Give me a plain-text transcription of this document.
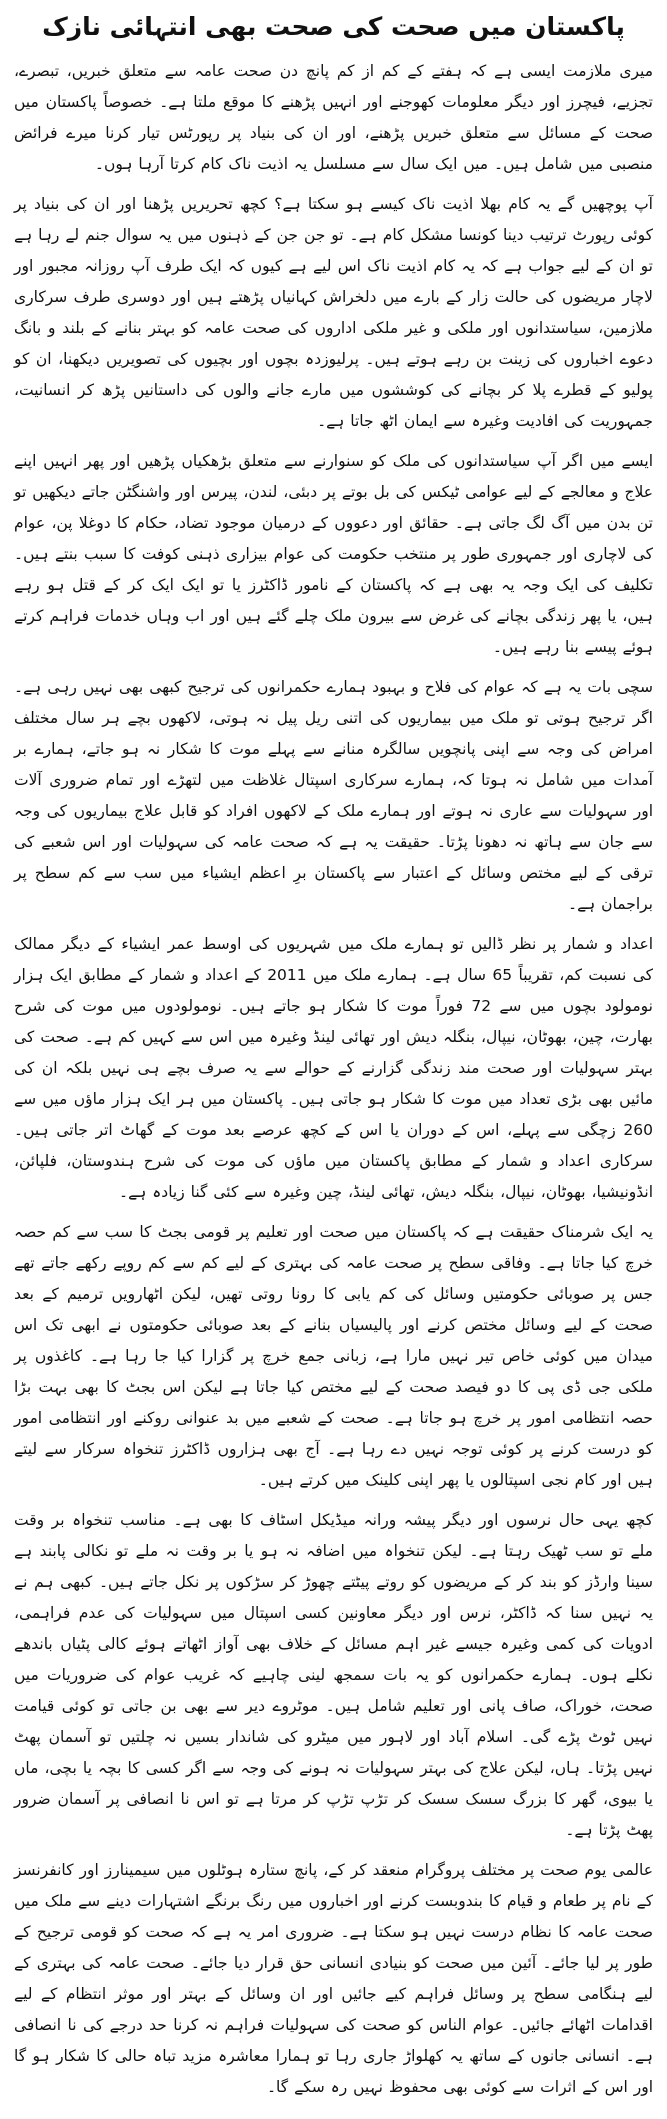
پاکستان میں صحت کی صحت بھی انتہائی نازک

میری ملازمت ایسی ہے کہ ہفتے کے کم از کم پانچ دن صحت عامہ سے متعلق خبریں، تبصرے، تجزیے، فیچرز اور دیگر معلومات کھوجنے اور انہیں پڑھنے کا موقع ملتا ہے۔ خصوصاً پاکستان میں صحت کے مسائل سے متعلق خبریں پڑھنے، اور ان کی بنیاد پر رپورٹس تیار کرنا میرے فرائض منصبی میں شامل ہیں۔ میں ایک سال سے مسلسل یہ اذیت ناک کام کرتا آرہا ہوں۔

آپ پوچھیں گے یہ کام بھلا اذیت ناک کیسے ہو سکتا ہے؟ کچھ تحریریں پڑھنا اور ان کی بنیاد پر کوئی رپورٹ ترتیب دینا کونسا مشکل کام ہے۔ تو جن جن کے ذہنوں میں یہ سوال جنم لے رہا ہے تو ان کے لیے جواب ہے کہ یہ کام اذیت ناک اس لیے ہے کیوں کہ ایک طرف آپ روزانہ مجبور اور لاچار مریضوں کی حالت زار کے بارے میں دلخراش کہانیاں پڑھتے ہیں اور دوسری طرف سرکاری ملازمین، سیاستدانوں اور ملکی و غیر ملکی اداروں کی صحت عامہ کو بہتر بنانے کے بلند و بانگ دعوے اخباروں کی زینت بن رہے ہوتے ہیں۔ پرلیوزدہ بچوں اور بچیوں کی تصویریں دیکھنا، ان کو پولیو کے قطرے پلا کر بچانے کی کوششوں میں مارے جانے والوں کی داستانیں پڑھ کر انسانیت، جمہوریت کی افادیت وغیرہ سے ایمان اٹھ جاتا ہے۔

ایسے میں اگر آپ سیاستدانوں کی ملک کو سنوارنے سے متعلق بڑھکیاں پڑھیں اور پھر انہیں اپنے علاج و معالجے کے لیے عوامی ٹیکس کی بل بوتے پر دبئی، لندن، پیرس اور واشنگٹن جاتے دیکھیں تو تن بدن میں آگ لگ جاتی ہے۔ حقائق اور دعووں کے درمیان موجود تضاد، حکام کا دوغلا پن، عوام کی لاچاری اور جمہوری طور پر منتخب حکومت کی عوام بیزاری ذہنی کوفت کا سبب بنتے ہیں۔ تکلیف کی ایک وجہ یہ بھی ہے کہ پاکستان کے نامور ڈاکٹرز یا تو ایک ایک کر کے قتل ہو رہے ہیں، یا پھر زندگی بچانے کی غرض سے بیرون ملک چلے گئے ہیں اور اب وہاں خدمات فراہم کرتے ہوئے پیسے بنا رہے ہیں۔

سچی بات یہ ہے کہ عوام کی فلاح و بہبود ہمارے حکمرانوں کی ترجیح کبھی بھی نہیں رہی ہے۔ اگر ترجیح ہوتی تو ملک میں بیماریوں کی اتنی ریل پیل نہ ہوتی، لاکھوں بچے ہر سال مختلف امراض کی وجہ سے اپنی پانچویں سالگرہ منانے سے پہلے موت کا شکار نہ ہو جاتے، ہمارے بر آمدات میں شامل نہ ہوتا کہ، ہمارے سرکاری اسپتال غلاظت میں لتھڑے اور تمام ضروری آلات اور سہولیات سے عاری نہ ہوتے اور ہمارے ملک کے لاکھوں افراد کو قابل علاج بیماریوں کی وجہ سے جان سے ہاتھ نہ دھونا پڑتا۔ حقیقت یہ ہے کہ صحت عامہ کی سہولیات اور اس شعبے کی ترقی کے لیے مختص وسائل کے اعتبار سے پاکستان برِ اعظم ایشیاء میں سب سے کم سطح پر براجمان ہے۔

اعداد و شمار پر نظر ڈالیں تو ہمارے ملک میں شہریوں کی اوسط عمر ایشیاء کے دیگر ممالک کی نسبت کم، تقریباً 65 سال ہے۔ ہمارے ملک میں 2011 کے اعداد و شمار کے مطابق ایک ہزار نومولود بچوں میں سے 72 فوراً موت کا شکار ہو جاتے ہیں۔ نومولودوں میں موت کی شرح بھارت، چین، بھوٹان، نیپال، بنگلہ دیش اور تھائی لینڈ وغیرہ میں اس سے کہیں کم ہے۔ صحت کی بہتر سہولیات اور صحت مند زندگی گزارنے کے حوالے سے یہ صرف بچے ہی نہیں بلکہ ان کی مائیں بھی بڑی تعداد میں موت کا شکار ہو جاتی ہیں۔ پاکستان میں ہر ایک ہزار ماؤں میں سے 260 زچگی سے پہلے، اس کے دوران یا اس کے کچھ عرصے بعد موت کے گھاٹ اتر جاتی ہیں۔ سرکاری اعداد و شمار کے مطابق پاکستان میں ماؤں کی موت کی شرح ہندوستان، فلپائن، انڈونیشیا، بھوٹان، نیپال، بنگلہ دیش، تھائی لینڈ، چین وغیرہ سے کئی گنا زیادہ ہے۔

یہ ایک شرمناک حقیقت ہے کہ پاکستان میں صحت اور تعلیم پر قومی بجٹ کا سب سے کم حصہ خرچ کیا جاتا ہے۔ وفاقی سطح پر صحت عامہ کی بہتری کے لیے کم سے کم روپے رکھے جاتے تھے جس پر صوبائی حکومتیں وسائل کی کم یابی کا رونا روتی تھیں، لیکن اٹھارویں ترمیم کے بعد صحت کے لیے وسائل مختص کرنے اور پالیسیاں بنانے کے بعد صوبائی حکومتوں نے ابھی تک اس میدان میں کوئی خاص تیر نہیں مارا ہے، زبانی جمع خرچ پر گزارا کیا جا رہا ہے۔ کاغذوں پر ملکی جی ڈی پی کا دو فیصد صحت کے لیے مختص کیا جاتا ہے لیکن اس بجٹ کا بھی بہت بڑا حصہ انتظامی امور پر خرچ ہو جاتا ہے۔ صحت کے شعبے میں بد عنوانی روکنے اور انتظامی امور کو درست کرنے پر کوئی توجہ نہیں دے رہا ہے۔ آج بھی ہزاروں ڈاکٹرز تنخواہ سرکار سے لیتے ہیں اور کام نجی اسپتالوں یا پھر اپنی کلینک میں کرتے ہیں۔

کچھ یہی حال نرسوں اور دیگر پیشہ ورانہ میڈیکل اسٹاف کا بھی ہے۔ مناسب تنخواہ بر وقت ملے تو سب ٹھیک رہتا ہے۔ لیکن تنخواہ میں اضافہ نہ ہو یا بر وقت نہ ملے تو نکالی پابند ہے سینا وارڈز کو بند کر کے مریضوں کو روتے پیٹتے چھوڑ کر سڑکوں پر نکل جاتے ہیں۔ کبھی ہم نے یہ نہیں سنا کہ ڈاکٹر، نرس اور دیگر معاونین کسی اسپتال میں سہولیات کی عدم فراہمی، ادویات کی کمی وغیرہ جیسے غیر اہم مسائل کے خلاف بھی آواز اٹھاتے ہوئے کالی پٹیاں باندھے نکلے ہوں۔ ہمارے حکمرانوں کو یہ بات سمجھ لینی چاہیے کہ غریب عوام کی ضروریات میں صحت، خوراک، صاف پانی اور تعلیم شامل ہیں۔ موٹروے دیر سے بھی بن جاتی تو کوئی قیامت نہیں ٹوٹ پڑے گی۔ اسلام آباد اور لاہور میں میٹرو کی شاندار بسیں نہ چلتیں تو آسمان پھٹ نہیں پڑتا۔ ہاں، لیکن علاج کی بہتر سہولیات نہ ہونے کی وجہ سے اگر کسی کا بچہ یا بچی، ماں یا بیوی، گھر کا بزرگ سسک سسک کر تڑپ تڑپ کر مرتا ہے تو اس نا انصافی پر آسمان ضرور پھٹ پڑتا ہے۔

عالمی یوم صحت پر مختلف پروگرام منعقد کر کے، پانچ ستارہ ہوٹلوں میں سیمینارز اور کانفرنسز کے نام پر طعام و قیام کا بندوبست کرنے اور اخباروں میں رنگ برنگے اشتہارات دینے سے ملک میں صحت عامہ کا نظام درست نہیں ہو سکتا ہے۔ ضروری امر یہ ہے کہ صحت کو قومی ترجیح کے طور پر لیا جائے۔ آئین میں صحت کو بنیادی انسانی حق قرار دیا جائے۔ صحت عامہ کی بہتری کے لیے ہنگامی سطح پر وسائل فراہم کیے جائیں اور ان وسائل کے بہتر اور موثر انتظام کے لیے اقدامات اٹھائے جائیں۔ عوام الناس کو صحت کی سہولیات فراہم نہ کرنا حد درجے کی نا انصافی ہے۔ انسانی جانوں کے ساتھ یہ کھلواڑ جاری رہا تو ہمارا معاشرہ مزید تباہ حالی کا شکار ہو گا اور اس کے اثرات سے کوئی بھی محفوظ نہیں رہ سکے گا۔
